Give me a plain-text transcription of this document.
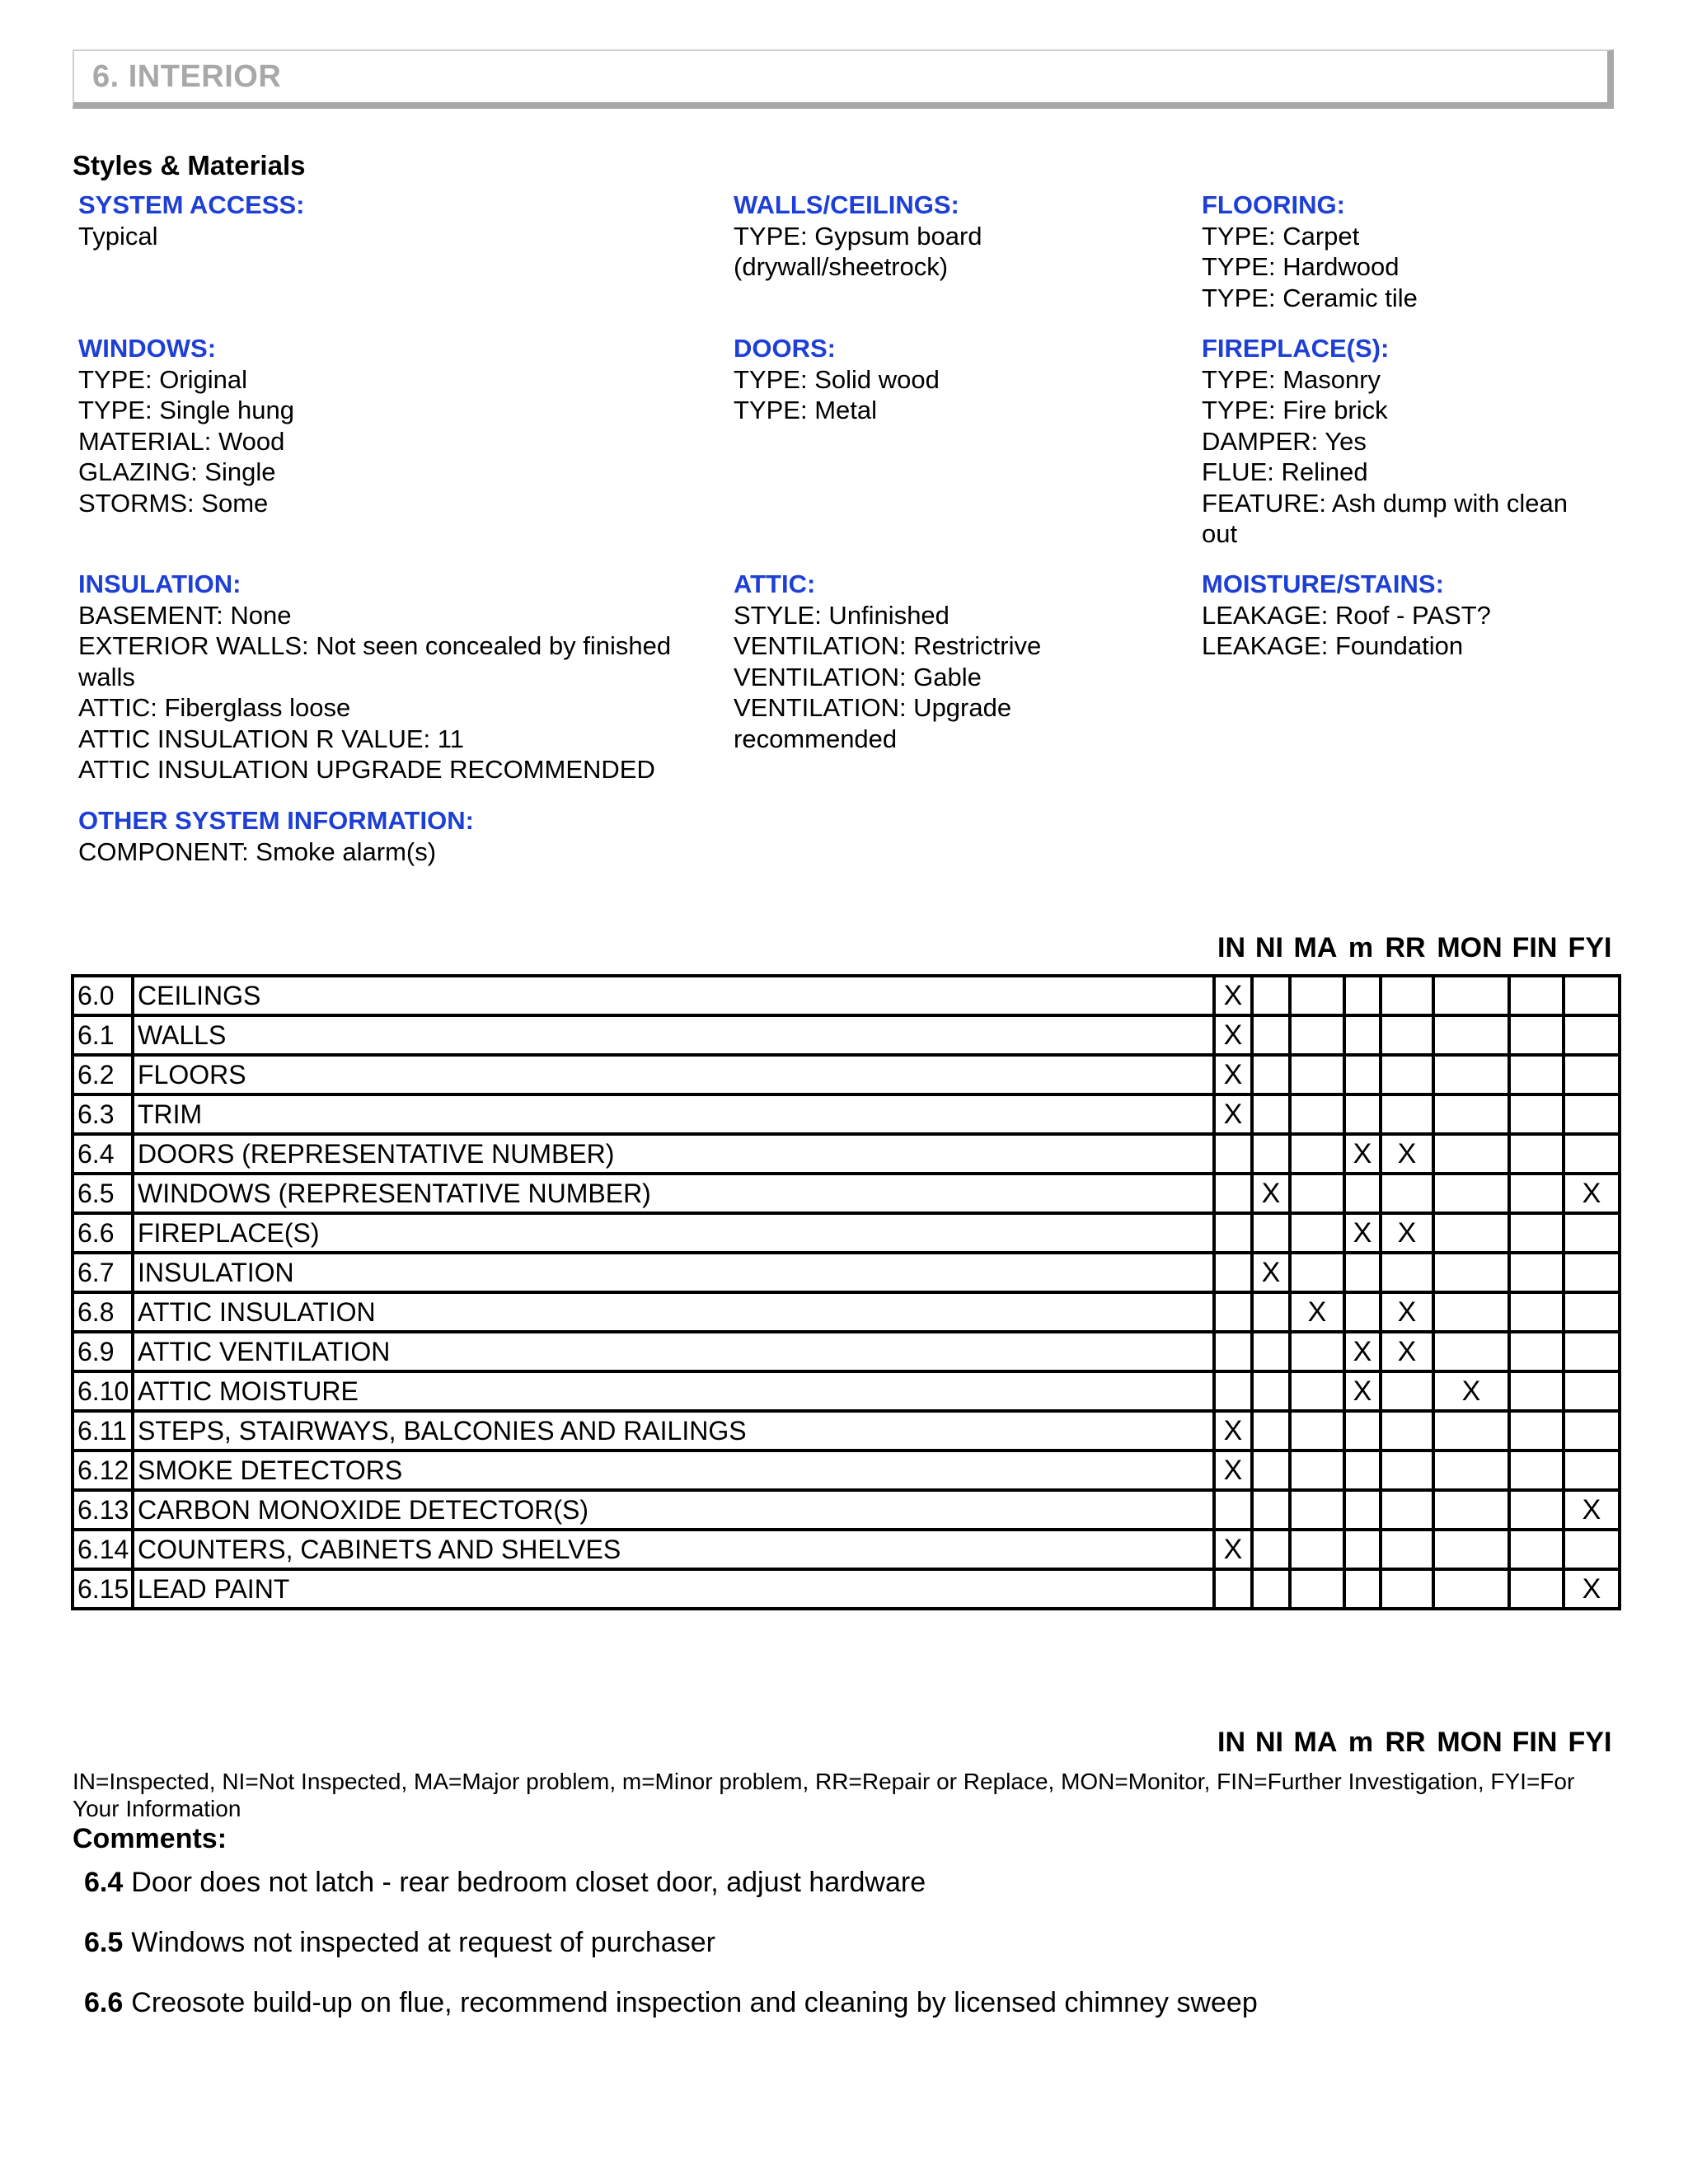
6. INTERIOR
Styles & Materials
SYSTEM ACCESS:
Typical
WALLS/CEILINGS:
TYPE: Gypsum board
(drywall/sheetrock)
FLOORING:
TYPE: Carpet
TYPE: Hardwood
TYPE: Ceramic tile
WINDOWS:
TYPE: Original
TYPE: Single hung
MATERIAL: Wood
GLAZING: Single
STORMS: Some
DOORS:
TYPE: Solid wood
TYPE: Metal
FIREPLACE(S):
TYPE: Masonry
TYPE: Fire brick
DAMPER: Yes
FLUE: Relined
FEATURE: Ash dump with clean
out
INSULATION:
BASEMENT: None
EXTERIOR WALLS: Not seen concealed by finished
walls
ATTIC: Fiberglass loose
ATTIC INSULATION R VALUE: 11
ATTIC INSULATION UPGRADE RECOMMENDED
ATTIC:
STYLE: Unfinished
VENTILATION: Restrictrive
VENTILATION: Gable
VENTILATION: Upgrade
recommended
MOISTURE/STAINS:
LEAKAGE: Roof - PAST?
LEAKAGE: Foundation
OTHER SYSTEM INFORMATION:
COMPONENT: Smoke alarm(s)
IN NI MA m RR MON FIN FYI
6.0	CEILINGS	X							
6.1	WALLS	X							
6.2	FLOORS	X							
6.3	TRIM	X							
6.4	DOORS (REPRESENTATIVE NUMBER)				X	X			
6.5	WINDOWS (REPRESENTATIVE NUMBER)		X						X
6.6	FIREPLACE(S)				X	X			
6.7	INSULATION		X						
6.8	ATTIC INSULATION			X		X			
6.9	ATTIC VENTILATION				X	X			
6.10	ATTIC MOISTURE				X		X		
6.11	STEPS, STAIRWAYS, BALCONIES AND RAILINGS	X							
6.12	SMOKE DETECTORS	X							
6.13	CARBON MONOXIDE DETECTOR(S)								X
6.14	COUNTERS, CABINETS AND SHELVES	X							
6.15	LEAD PAINT								X
IN NI MA m RR MON FIN FYI
IN=Inspected, NI=Not Inspected, MA=Major problem, m=Minor problem, RR=Repair or Replace, MON=Monitor, FIN=Further Investigation, FYI=For Your Information
Comments:
6.4 Door does not latch - rear bedroom closet door, adjust hardware
6.5 Windows not inspected at request of purchaser
6.6 Creosote build-up on flue, recommend inspection and cleaning by licensed chimney sweep
